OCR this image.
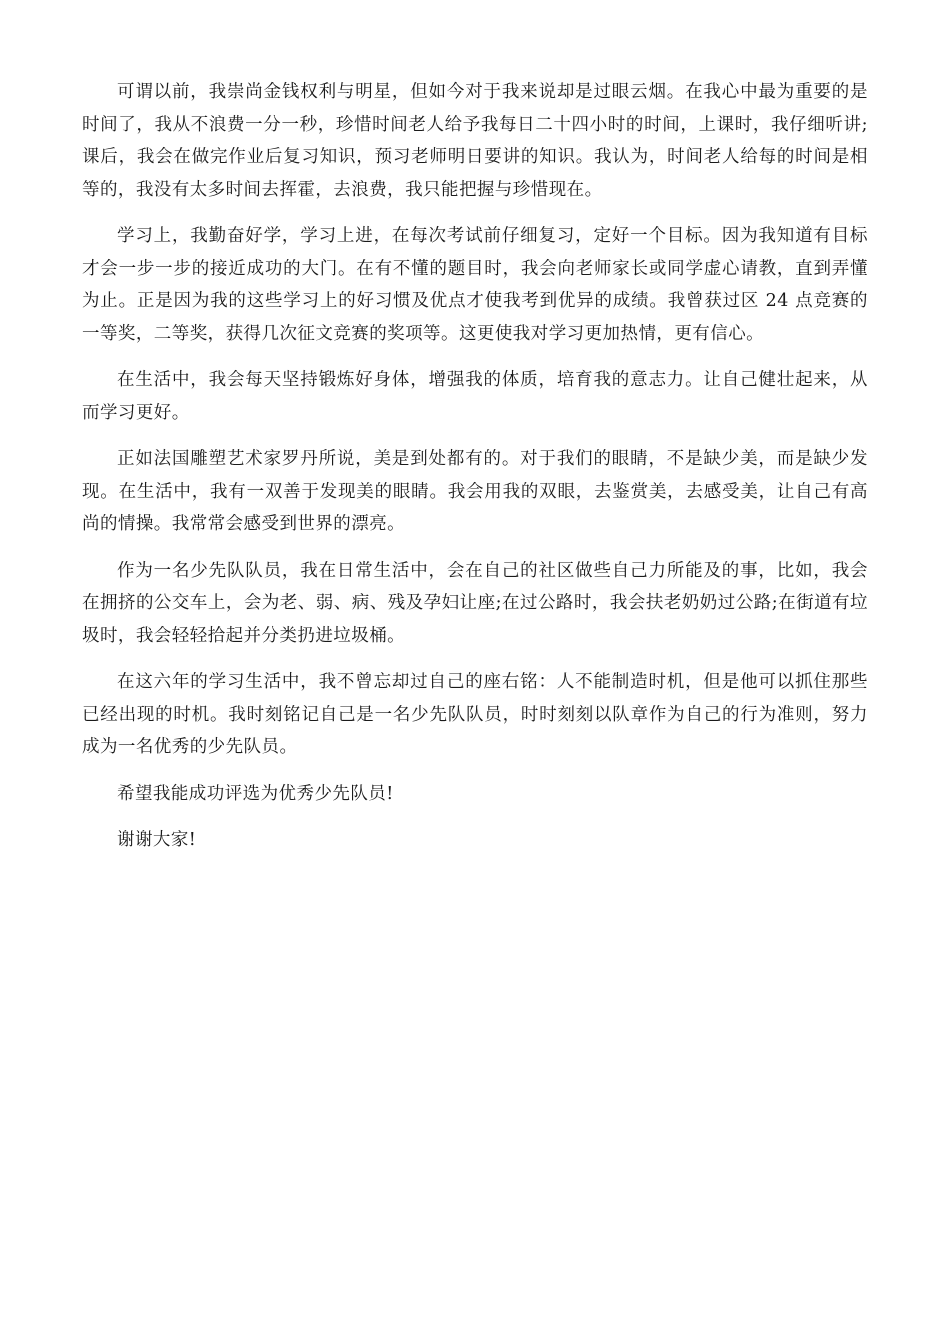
可谓以前，我崇尚金钱权利与明星，但如今对于我来说却是过眼云烟。在我心中最为重要的是时间了，我从不浪费一分一秒，珍惜时间老人给予我每日二十四小时的时间，上课时，我仔细听讲;课后，我会在做完作业后复习知识，预习老师明日要讲的知识。我认为，时间老人给每的时间是相等的，我没有太多时间去挥霍，去浪费，我只能把握与珍惜现在。

学习上，我勤奋好学，学习上进，在每次考试前仔细复习，定好一个目标。因为我知道有目标才会一步一步的接近成功的大门。在有不懂的题目时，我会向老师家长或同学虚心请教，直到弄懂为止。正是因为我的这些学习上的好习惯及优点才使我考到优异的成绩。我曾获过区 24 点竞赛的一等奖，二等奖，获得几次征文竞赛的奖项等。这更使我对学习更加热情，更有信心。

在生活中，我会每天坚持锻炼好身体，增强我的体质，培育我的意志力。让自己健壮起来，从而学习更好。

正如法国雕塑艺术家罗丹所说，美是到处都有的。对于我们的眼睛，不是缺少美，而是缺少发现。在生活中，我有一双善于发现美的眼睛。我会用我的双眼，去鉴赏美，去感受美，让自己有高尚的情操。我常常会感受到世界的漂亮。

作为一名少先队队员，我在日常生活中，会在自己的社区做些自己力所能及的事，比如，我会在拥挤的公交车上，会为老、弱、病、残及孕妇让座;在过公路时，我会扶老奶奶过公路;在街道有垃圾时，我会轻轻拾起并分类扔进垃圾桶。

在这六年的学习生活中，我不曾忘却过自己的座右铭：人不能制造时机，但是他可以抓住那些已经出现的时机。我时刻铭记自己是一名少先队队员，时时刻刻以队章作为自己的行为准则，努力成为一名优秀的少先队员。

希望我能成功评选为优秀少先队员!

谢谢大家!
